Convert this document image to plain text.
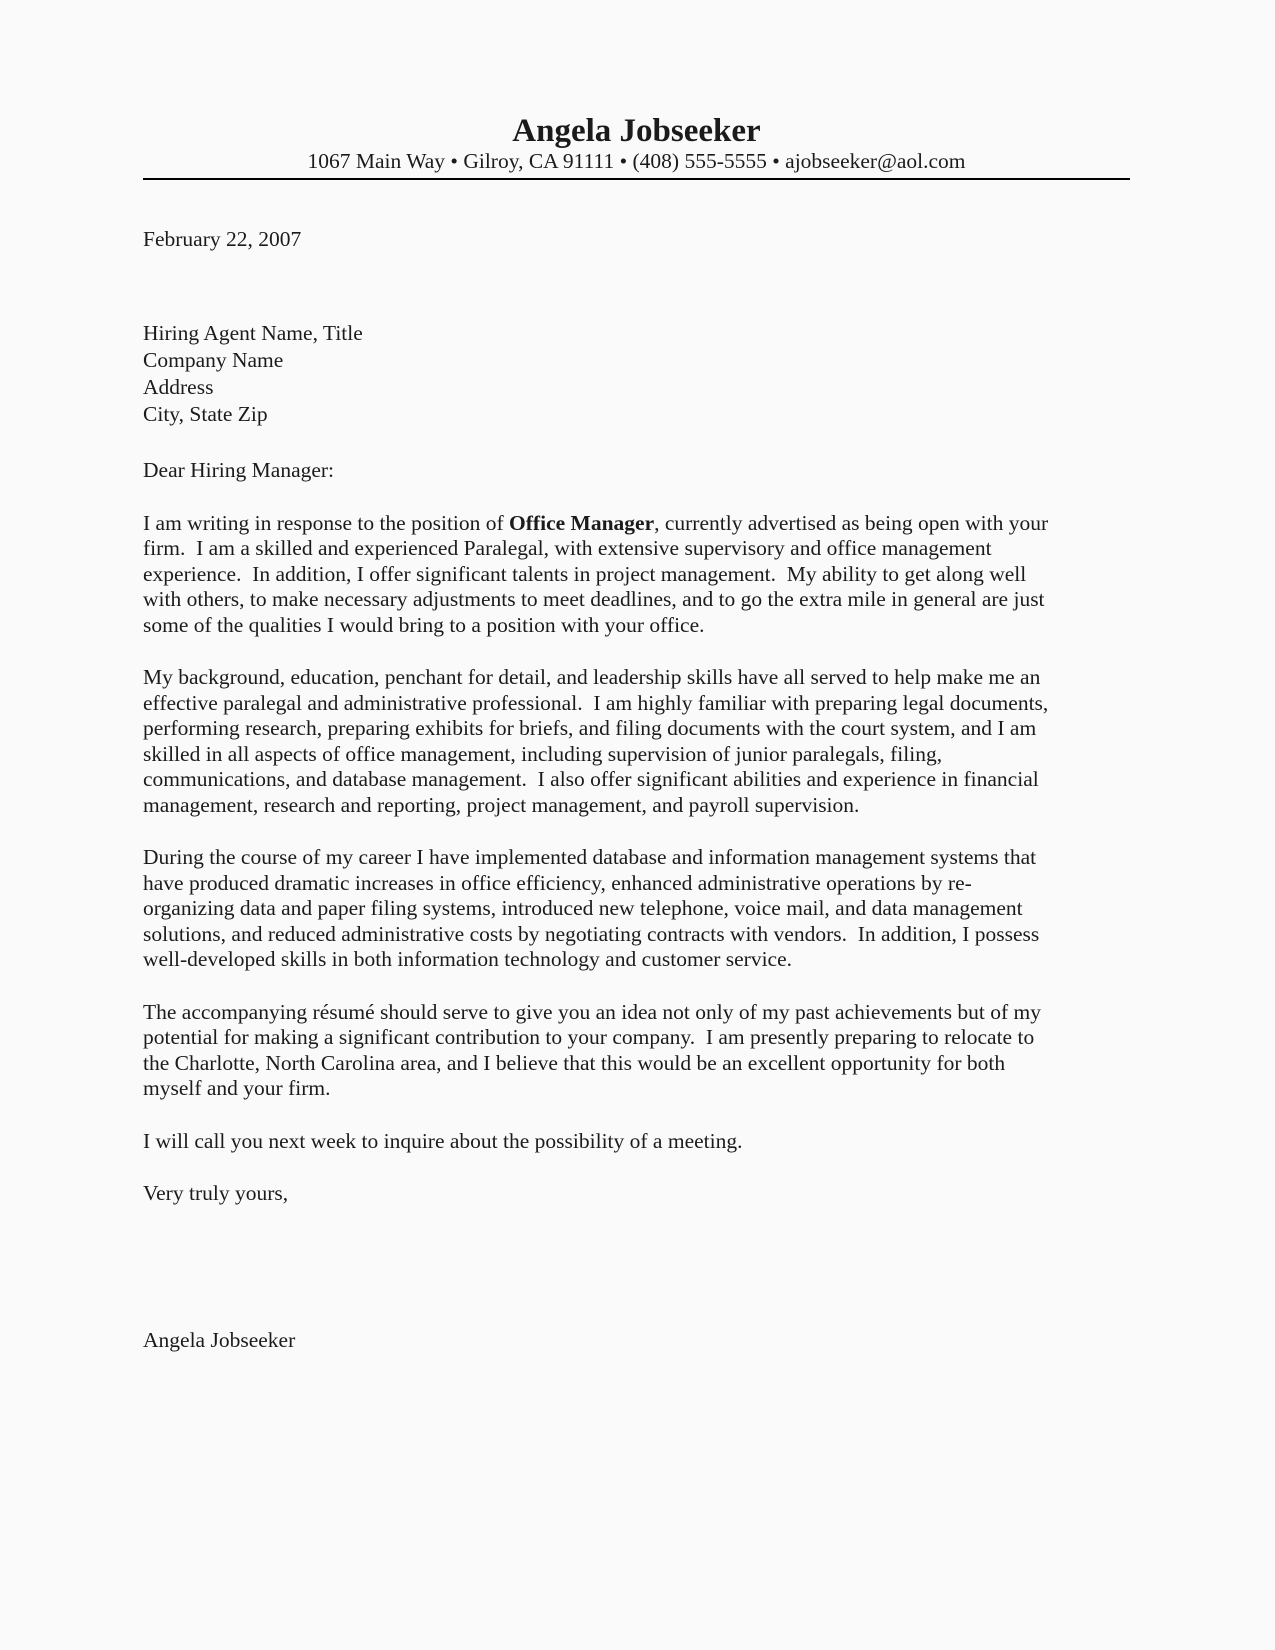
Angela Jobseeker
1067 Main Way • Gilroy, CA 91111 • (408) 555-5555 • ajobseeker@aol.com
February 22, 2007
Hiring Agent Name, Title
Company Name
Address
City, State Zip
Dear Hiring Manager:
I am writing in response to the position of Office Manager, currently advertised as being open with your
firm.  I am a skilled and experienced Paralegal, with extensive supervisory and office management
experience.  In addition, I offer significant talents in project management.  My ability to get along well
with others, to make necessary adjustments to meet deadlines, and to go the extra mile in general are just
some of the qualities I would bring to a position with your office.
My background, education, penchant for detail, and leadership skills have all served to help make me an
effective paralegal and administrative professional.  I am highly familiar with preparing legal documents,
performing research, preparing exhibits for briefs, and filing documents with the court system, and I am
skilled in all aspects of office management, including supervision of junior paralegals, filing,
communications, and database management.  I also offer significant abilities and experience in financial
management, research and reporting, project management, and payroll supervision.
During the course of my career I have implemented database and information management systems that
have produced dramatic increases in office efficiency, enhanced administrative operations by re-
organizing data and paper filing systems, introduced new telephone, voice mail, and data management
solutions, and reduced administrative costs by negotiating contracts with vendors.  In addition, I possess
well-developed skills in both information technology and customer service.
The accompanying résumé should serve to give you an idea not only of my past achievements but of my
potential for making a significant contribution to your company.  I am presently preparing to relocate to
the Charlotte, North Carolina area, and I believe that this would be an excellent opportunity for both
myself and your firm.
I will call you next week to inquire about the possibility of a meeting.
Very truly yours,
Angela Jobseeker
